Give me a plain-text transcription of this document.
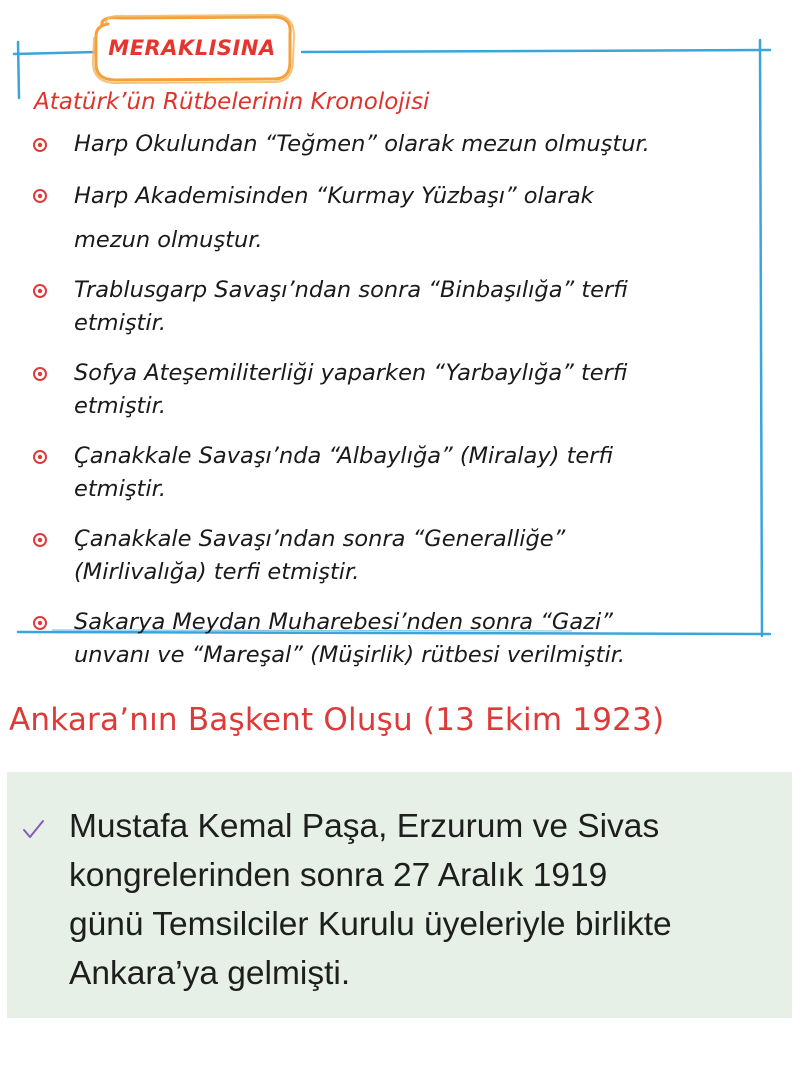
MERAKLISINA
Atatürk’ün Rütbelerinin Kronolojisi
Harp Okulundan “Teğmen” olarak mezun olmuştur.
Harp Akademisinden “Kurmay Yüzbaşı” olarak
mezun olmuştur.
Trablusgarp Savaşı’ndan sonra “Binbaşılığa” terfi
etmiştir.
Sofya Ateşemiliterliği yaparken “Yarbaylığa” terfi
etmiştir.
Çanakkale Savaşı’nda “Albaylığa” (Miralay) terfi
etmiştir.
Çanakkale Savaşı’ndan sonra “Generalliğe”
(Mirlivalığa) terfi etmiştir.
Sakarya Meydan Muharebesi’nden sonra “Gazi”
unvanı ve “Mareşal” (Müşirlik) rütbesi verilmiştir.
Ankara’nın Başkent Oluşu (13 Ekim 1923)

Mustafa Kemal Paşa, Erzurum ve Sivas
kongrelerinden sonra 27 Aralık 1919
günü Temsilciler Kurulu üyeleriyle birlikte
Ankara’ya gelmişti.
